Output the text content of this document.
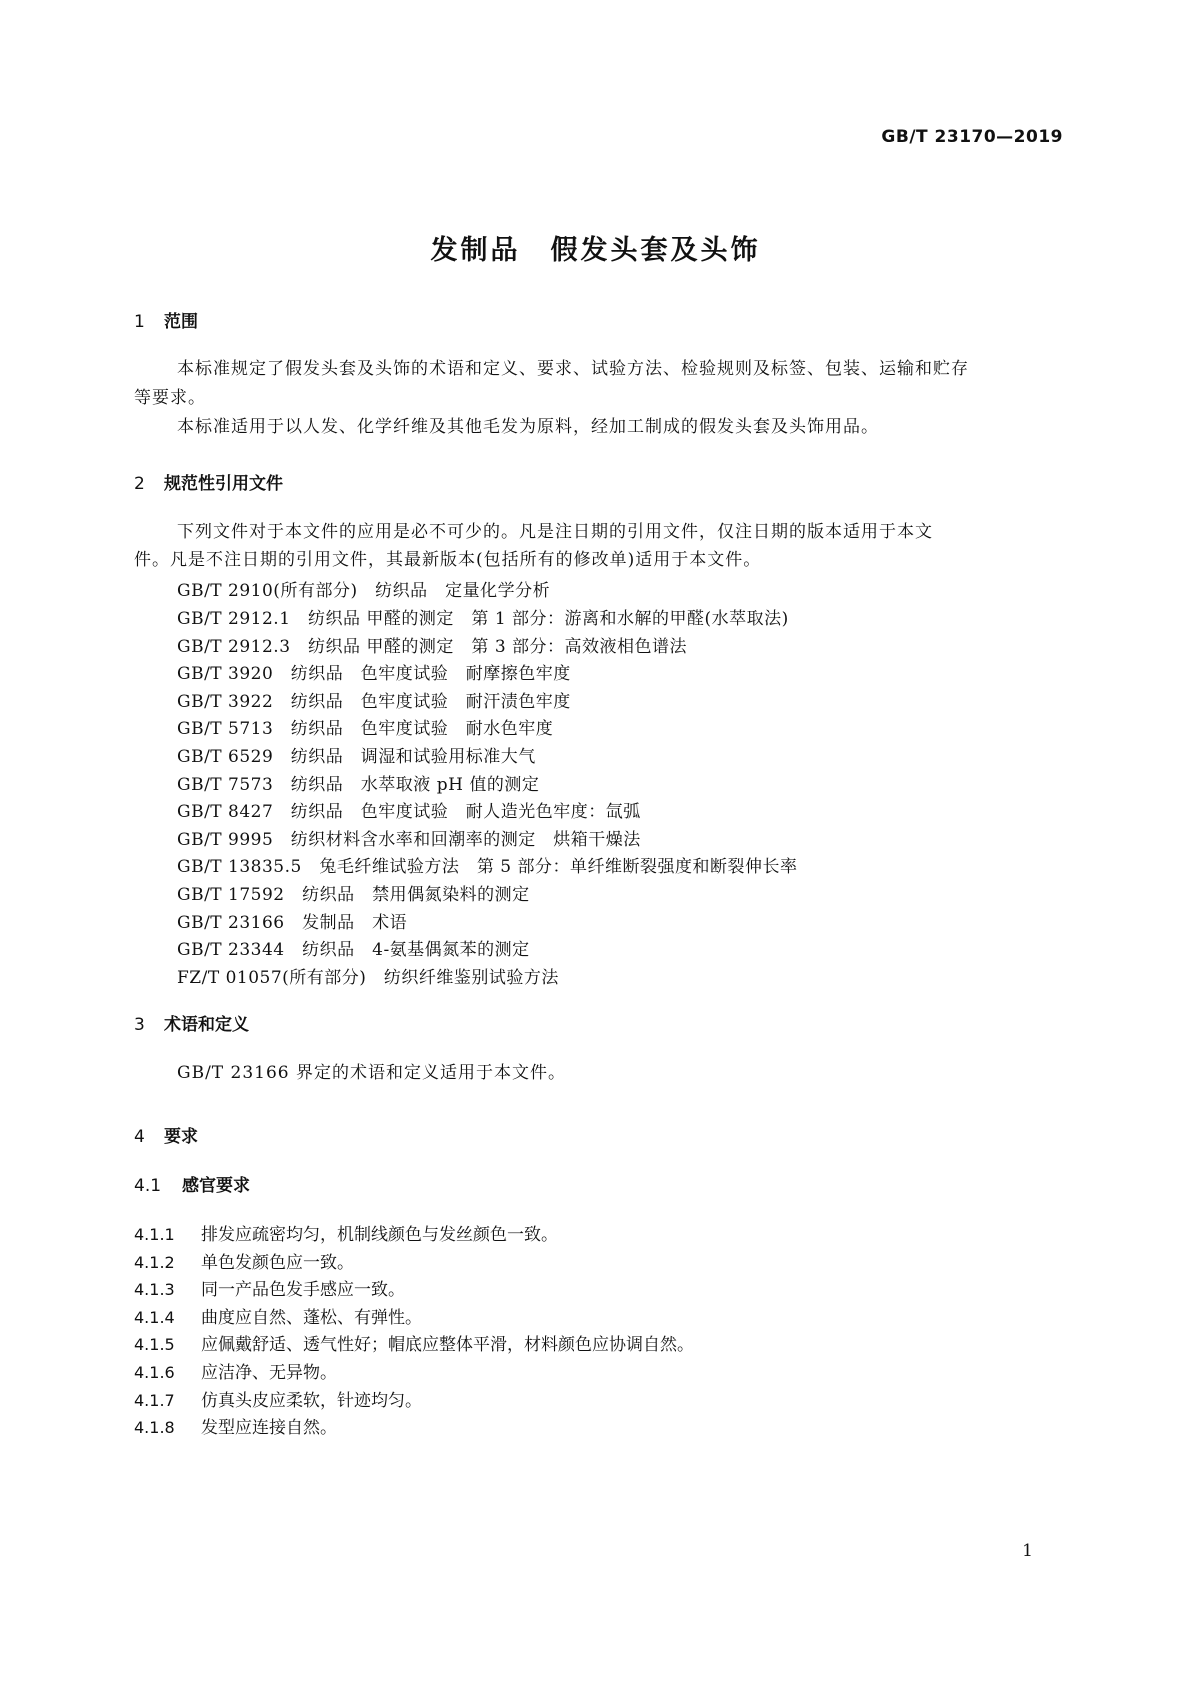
GB/T 23170—2019
发制品　假发头套及头饰
1 范围
本标准规定了假发头套及头饰的术语和定义、要求、试验方法、检验规则及标签、包装、运输和贮存
等要求。
本标准适用于以人发、化学纤维及其他毛发为原料，经加工制成的假发头套及头饰用品。
2 规范性引用文件
下列文件对于本文件的应用是必不可少的。凡是注日期的引用文件，仅注日期的版本适用于本文
件。凡是不注日期的引用文件，其最新版本(包括所有的修改单)适用于本文件。
GB/T 2910(所有部分)　纺织品　定量化学分析
GB/T 2912.1　纺织品 甲醛的测定　第 1 部分：游离和水解的甲醛(水萃取法)
GB/T 2912.3　纺织品 甲醛的测定　第 3 部分：高效液相色谱法
GB/T 3920　纺织品　色牢度试验　耐摩擦色牢度
GB/T 3922　纺织品　色牢度试验　耐汗渍色牢度
GB/T 5713　纺织品　色牢度试验　耐水色牢度
GB/T 6529　纺织品　调湿和试验用标准大气
GB/T 7573　纺织品　水萃取液 pH 值的测定
GB/T 8427　纺织品　色牢度试验　耐人造光色牢度：氙弧
GB/T 9995　纺织材料含水率和回潮率的测定　烘箱干燥法
GB/T 13835.5　兔毛纤维试验方法　第 5 部分：单纤维断裂强度和断裂伸长率
GB/T 17592　纺织品　禁用偶氮染料的测定
GB/T 23166　发制品　术语
GB/T 23344　纺织品　4-氨基偶氮苯的测定
FZ/T 01057(所有部分)　纺织纤维鉴别试验方法
3 术语和定义
GB/T 23166 界定的术语和定义适用于本文件。
4 要求
4.1 感官要求
4.1.1 排发应疏密均匀，机制线颜色与发丝颜色一致。
4.1.2 单色发颜色应一致。
4.1.3 同一产品色发手感应一致。
4.1.4 曲度应自然、蓬松、有弹性。
4.1.5 应佩戴舒适、透气性好；帽底应整体平滑，材料颜色应协调自然。
4.1.6 应洁净、无异物。
4.1.7 仿真头皮应柔软，针迹均匀。
4.1.8 发型应连接自然。
1
